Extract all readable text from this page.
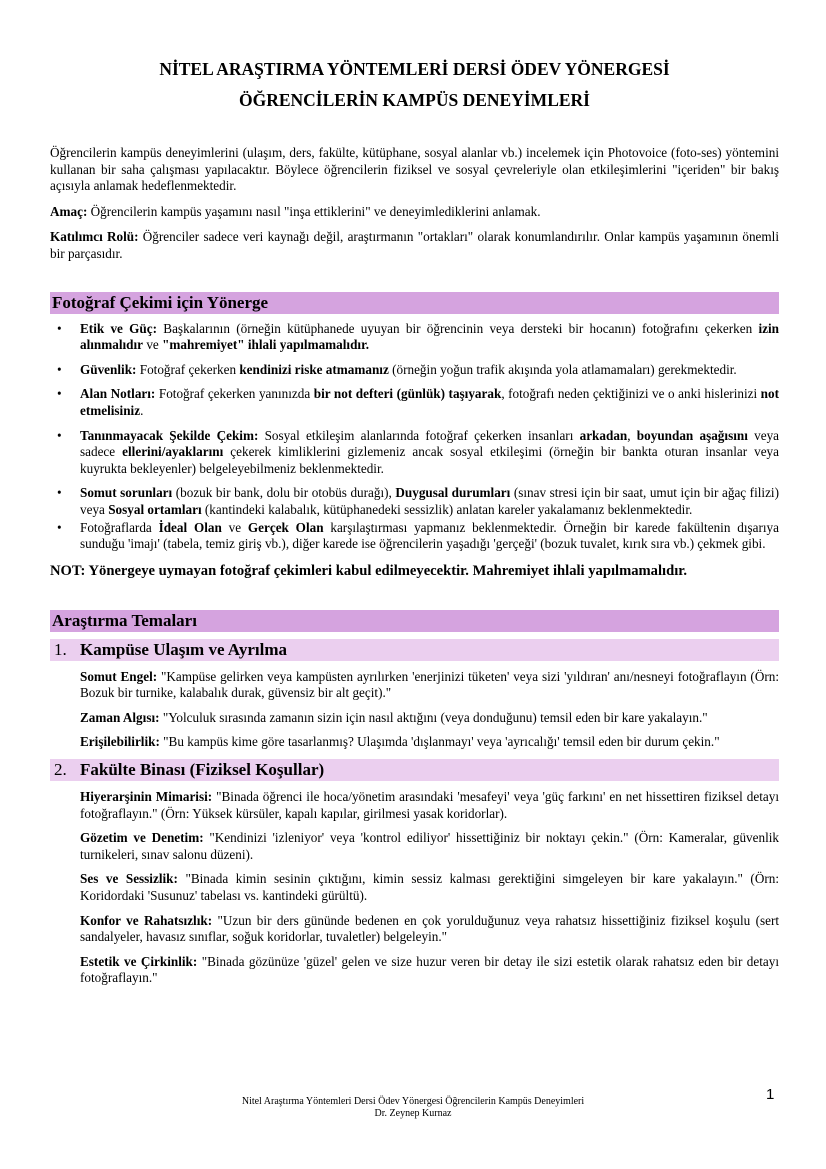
NİTEL ARAŞTIRMA YÖNTEMLERİ DERSİ ÖDEV YÖNERGESİ
ÖĞRENCİLERİN KAMPÜS DENEYİMLERİ

Öğrencilerin kampüs deneyimlerini (ulaşım, ders, fakülte, kütüphane, sosyal alanlar vb.) incelemek için Photovoice (foto-ses) yöntemini kullanan bir saha çalışması yapılacaktır. Böylece öğrencilerin fiziksel ve sosyal çevreleriyle olan etkileşimlerini "içeriden" bir bakış açısıyla anlamak hedeflenmektedir.

Amaç: Öğrencilerin kampüs yaşamını nasıl "inşa ettiklerini" ve deneyimlediklerini anlamak.

Katılımcı Rolü: Öğrenciler sadece veri kaynağı değil, araştırmanın "ortakları" olarak konumlandırılır. Onlar kampüs yaşamının önemli bir parçasıdır.

Fotoğraf Çekimi için Yönerge
• Etik ve Güç: Başkalarının (örneğin kütüphanede uyuyan bir öğrencinin veya dersteki bir hocanın) fotoğrafını çekerken izin alınmalıdır ve "mahremiyet" ihlali yapılmamalıdır.
• Güvenlik: Fotoğraf çekerken kendinizi riske atmamanız (örneğin yoğun trafik akışında yola atlamamaları) gerekmektedir.
• Alan Notları: Fotoğraf çekerken yanınızda bir not defteri (günlük) taşıyarak, fotoğrafı neden çektiğinizi ve o anki hislerinizi not etmelisiniz.
• Tanınmayacak Şekilde Çekim: Sosyal etkileşim alanlarında fotoğraf çekerken insanları arkadan, boyundan aşağısını veya sadece ellerini/ayaklarını çekerek kimliklerini gizlemeniz ancak sosyal etkileşimi (örneğin bir bankta oturan insanlar veya kuyrukta bekleyenler) belgeleyebilmeniz beklenmektedir.
• Somut sorunları (bozuk bir bank, dolu bir otobüs durağı), Duygusal durumları (sınav stresi için bir saat, umut için bir ağaç filizi) veya Sosyal ortamları (kantindeki kalabalık, kütüphanedeki sessizlik) anlatan kareler yakalamanız beklenmektedir.
• Fotoğraflarda İdeal Olan ve Gerçek Olan karşılaştırması yapmanız beklenmektedir. Örneğin bir karede fakültenin dışarıya sunduğu 'imajı' (tabela, temiz giriş vb.), diğer karede ise öğrencilerin yaşadığı 'gerçeği' (bozuk tuvalet, kırık sıra vb.) çekmek gibi.
NOT: Yönergeye uymayan fotoğraf çekimleri kabul edilmeyecektir. Mahremiyet ihlali yapılmamalıdır.
Araştırma Temaları
1. Kampüse Ulaşım ve Ayrılma

Somut Engel: "Kampüse gelirken veya kampüsten ayrılırken 'enerjinizi tüketen' veya sizi 'yıldıran' anı/nesneyi fotoğraflayın (Örn: Bozuk bir turnike, kalabalık durak, güvensiz bir alt geçit)."

Zaman Algısı: "Yolculuk sırasında zamanın sizin için nasıl aktığını (veya donduğunu) temsil eden bir kare yakalayın."

Erişilebilirlik: "Bu kampüs kime göre tasarlanmış? Ulaşımda 'dışlanmayı' veya 'ayrıcalığı' temsil eden bir durum çekin."

2. Fakülte Binası (Fiziksel Koşullar)

Hiyerarşinin Mimarisi: "Binada öğrenci ile hoca/yönetim arasındaki 'mesafeyi' veya 'güç farkını' en net hissettiren fiziksel detayı fotoğraflayın." (Örn: Yüksek kürsüler, kapalı kapılar, girilmesi yasak koridorlar).

Gözetim ve Denetim: "Kendinizi 'izleniyor' veya 'kontrol ediliyor' hissettiğiniz bir noktayı çekin." (Örn: Kameralar, güvenlik turnikeleri, sınav salonu düzeni).

Ses ve Sessizlik: "Binada kimin sesinin çıktığını, kimin sessiz kalması gerektiğini simgeleyen bir kare yakalayın." (Örn: Koridordaki 'Susunuz' tabelası vs. kantindeki gürültü).

Konfor ve Rahatsızlık: "Uzun bir ders gününde bedenen en çok yorulduğunuz veya rahatsız hissettiğiniz fiziksel koşulu (sert sandalyeler, havasız sınıflar, soğuk koridorlar, tuvaletler) belgeleyin."

Estetik ve Çirkinlik: "Binada gözünüze 'güzel' gelen ve size huzur veren bir detay ile sizi estetik olarak rahatsız eden bir detayı fotoğraflayın."

1
Nitel Araştırma Yöntemleri Dersi Ödev Yönergesi Öğrencilerin Kampüs Deneyimleri
Dr. Zeynep Kurnaz
